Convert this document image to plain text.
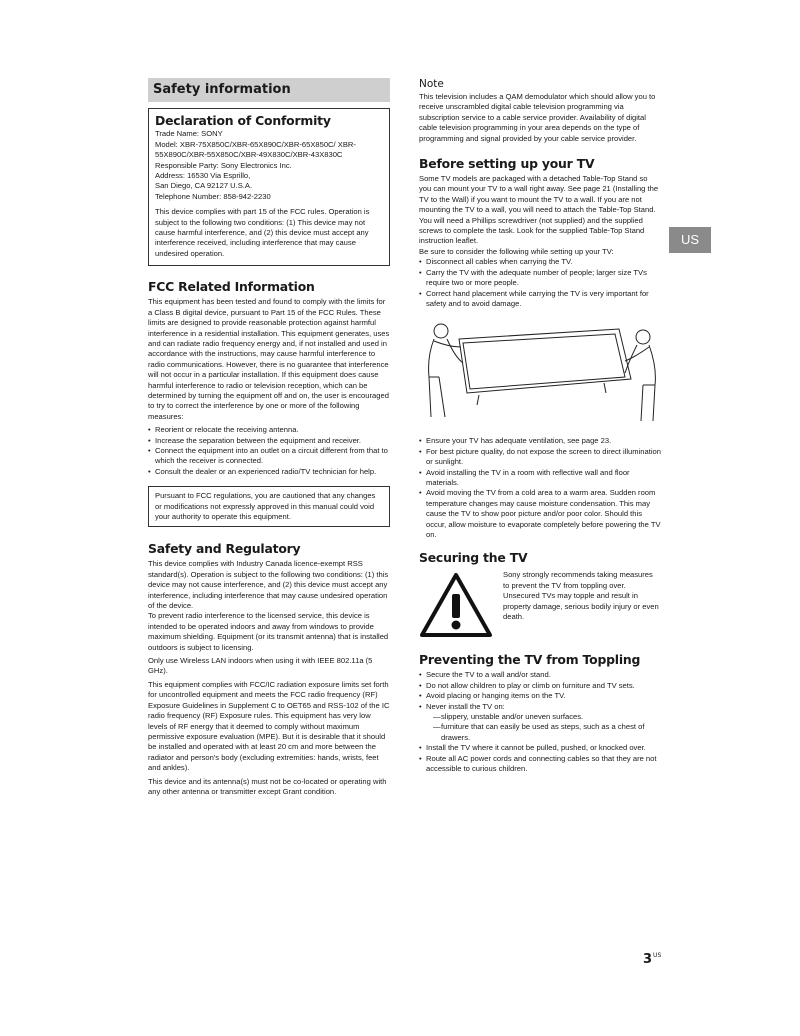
Safety information
Declaration of Conformity
Trade Name: SONY
Model: XBR-75X850C/XBR-65X890C/XBR-65X850C/ XBR-55X890C/XBR-55X850C/XBR-49X830C/XBR-43X830C
Responsible Party: Sony Electronics Inc.
Address: 16530 Via Esprillo,
San Diego, CA 92127 U.S.A.
Telephone Number: 858-942-2230
This device complies with part 15 of the FCC rules. Operation is subject to the following two conditions: (1) This device may not cause harmful interference, and (2) this device must accept any interference received, including interference that may cause undesired operation.
FCC Related Information

This equipment has been tested and found to comply with the limits for a Class B digital device, pursuant to Part 15 of the FCC Rules. These limits are designed to provide reasonable protection against harmful interference in a residential installation. This equipment generates, uses and can radiate radio frequency energy and, if not installed and used in accordance with the instructions, may cause harmful interference to radio communications. However, there is no guarantee that interference will not occur in a particular installation. If this equipment does cause harmful interference to radio or television reception, which can be determined by turning the equipment off and on, the user is encouraged to try to correct the interference by one or more of the following measures:

• Reorient or relocate the receiving antenna.
• Increase the separation between the equipment and receiver.
• Connect the equipment into an outlet on a circuit different from that to which the receiver is connected.
• Consult the dealer or an experienced radio/TV technician for help.
Pursuant to FCC regulations, you are cautioned that any changes or modifications not expressly approved in this manual could void your authority to operate this equipment.
Safety and Regulatory

This device complies with Industry Canada licence-exempt RSS standard(s). Operation is subject to the following two conditions: (1) this device may not cause interference, and (2) this device must accept any interference, including interference that may cause undesired operation of the device.

To prevent radio interference to the licensed service, this device is intended to be operated indoors and away from windows to provide maximum shielding. Equipment (or its transmit antenna) that is installed outdoors is subject to licensing.

Only use Wireless LAN indoors when using it with IEEE 802.11a (5 GHz).

This equipment complies with FCC/IC radiation exposure limits set forth for uncontrolled equipment and meets the FCC radio frequency (RF) Exposure Guidelines in Supplement C to OET65 and RSS-102 of the IC radio frequency (RF) Exposure rules. This equipment has very low levels of RF energy that it deemed to comply without maximum permissive exposure evaluation (MPE). But it is desirable that it should be installed and operated with at least 20 cm and more between the radiator and person's body (excluding extremities: hands, wrists, feet and ankles).

This device and its antenna(s) must not be co-located or operating with any other antenna or transmitter except Grant condition.

Note
This television includes a QAM demodulator which should allow you to receive unscrambled digital cable television programming via subscription service to a cable service provider. Availability of digital cable television programming in your area depends on the type of programming and signal provided by your cable service provider.
Before setting up your TV

Some TV models are packaged with a detached Table-Top Stand so you can mount your TV to a wall right away. See page 21 (Installing the TV to the Wall) if you want to mount the TV to a wall. If you are not mounting the TV to a wall, you will need to attach the Table-Top Stand. You will need a Phillips screwdriver (not supplied) and the supplied screws to complete the task. Look for the supplied Table-Top Stand instruction leaflet.

Be sure to consider the following while setting up your TV:
• Disconnect all cables when carrying the TV.
• Carry the TV with the adequate number of people; larger size TVs require two or more people.
• Correct hand placement while carrying the TV is very important for safety and to avoid damage.
• Ensure your TV has adequate ventilation, see page 23.
• For best picture quality, do not expose the screen to direct illumination or sunlight.
• Avoid installing the TV in a room with reflective wall and floor materials.
• Avoid moving the TV from a cold area to a warm area. Sudden room temperature changes may cause moisture condensation. This may cause the TV to show poor picture and/or poor color. Should this occur, allow moisture to evaporate completely before powering the TV on.
Securing the TV
Sony strongly recommends taking measures to prevent the TV from toppling over.
Unsecured TVs may topple and result in property damage, serious bodily injury or even death.
Preventing the TV from Toppling
• Secure the TV to a wall and/or stand.
• Do not allow children to play or climb on furniture and TV sets.
• Avoid placing or hanging items on the TV.
• Never install the TV on:
— slippery, unstable and/or uneven surfaces.
— furniture that can easily be used as steps, such as a chest of drawers.
• Install the TV where it cannot be pulled, pushed, or knocked over.
• Route all AC power cords and connecting cables so that they are not accessible to curious children.
US
$3^{US}$
